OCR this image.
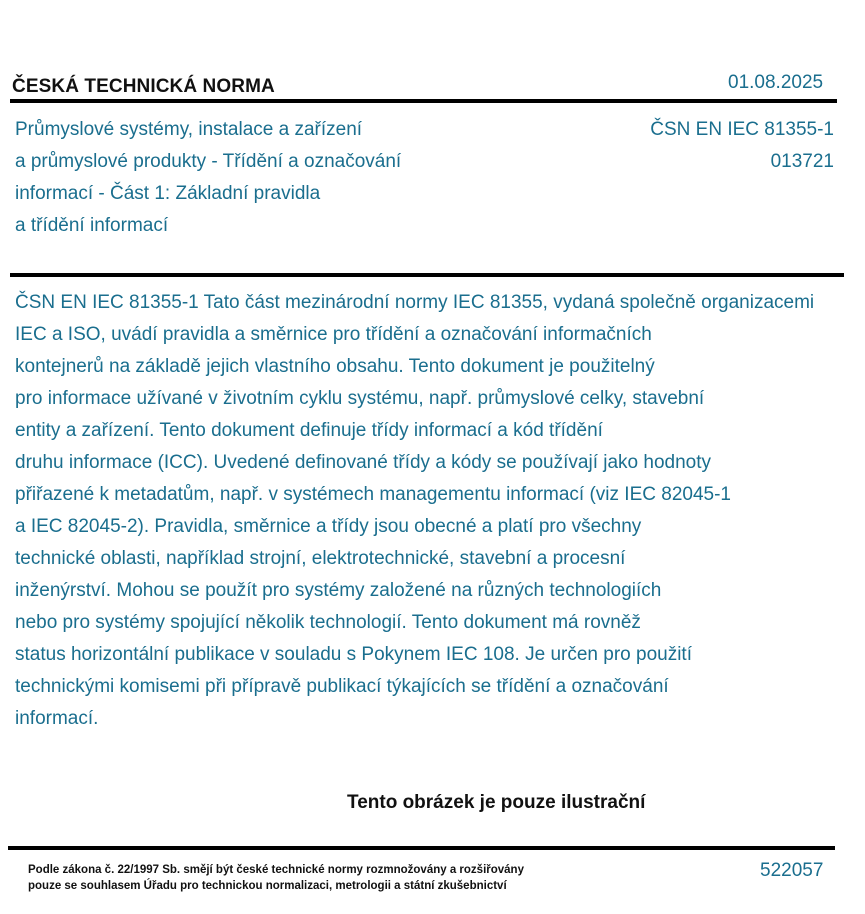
ČESKÁ TECHNICKÁ NORMA	01.08.2025
Průmyslové systémy, instalace a zařízení
a průmyslové produkty - Třídění a označování
informací - Část 1: Základní pravidla
a třídění informací
ČSN EN IEC 81355-1
013721
ČSN EN IEC 81355-1 Tato část mezinárodní normy IEC 81355, vydaná společně organizacemi
IEC a ISO, uvádí pravidla a směrnice pro třídění a označování informačních
kontejnerů na základě jejich vlastního obsahu. Tento dokument je použitelný
pro informace užívané v životním cyklu systému, např. průmyslové celky, stavební
entity a zařízení. Tento dokument definuje třídy informací a kód třídění
druhu informace (ICC). Uvedené definované třídy a kódy se používají jako hodnoty
přiřazené k metadatům, např. v systémech managementu informací (viz IEC 82045-1
a IEC 82045-2). Pravidla, směrnice a třídy jsou obecné a platí pro všechny
technické oblasti, například strojní, elektrotechnické, stavební a procesní
inženýrství. Mohou se použít pro systémy založené na různých technologiích
nebo pro systémy spojující několik technologií. Tento dokument má rovněž
status horizontální publikace v souladu s Pokynem IEC 108. Je určen pro použití
technickými komisemi při přípravě publikací týkajících se třídění a označování
informací.
Tento obrázek je pouze ilustrační
Podle zákona č. 22/1997 Sb. smějí být české technické normy rozmnožovány a rozšiřovány
pouze se souhlasem Úřadu pro technickou normalizaci, metrologii a státní zkušebnictví
522057
